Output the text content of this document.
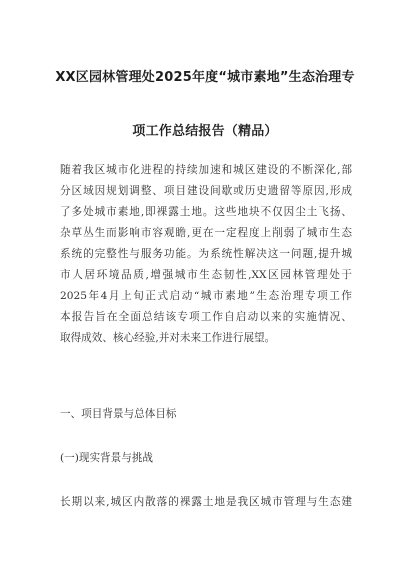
XX区园林管理处2025年度“城市素地”生态治理专
项工作总结报告（精品）
随着我区城市化进程的持续加速和城区建设的不断深化,部
分区域因规划调整、项目建设间歇或历史遗留等原因,形成
了多处城市素地,即裸露土地。这些地块不仅因尘土飞扬、
杂草丛生而影响市容观瞻,更在一定程度上削弱了城市生态
系统的完整性与服务功能。为系统性解决这一问题,提升城
市人居环境品质,增强城市生态韧性,XX区园林管理处于
2025年4月上旬正式启动“城市素地”生态治理专项工作
本报告旨在全面总结该专项工作自启动以来的实施情况、
取得成效、核心经验,并对未来工作进行展望。
一、项目背景与总体目标
(一)现实背景与挑战
长期以来,城区内散落的裸露土地是我区城市管理与生态建
